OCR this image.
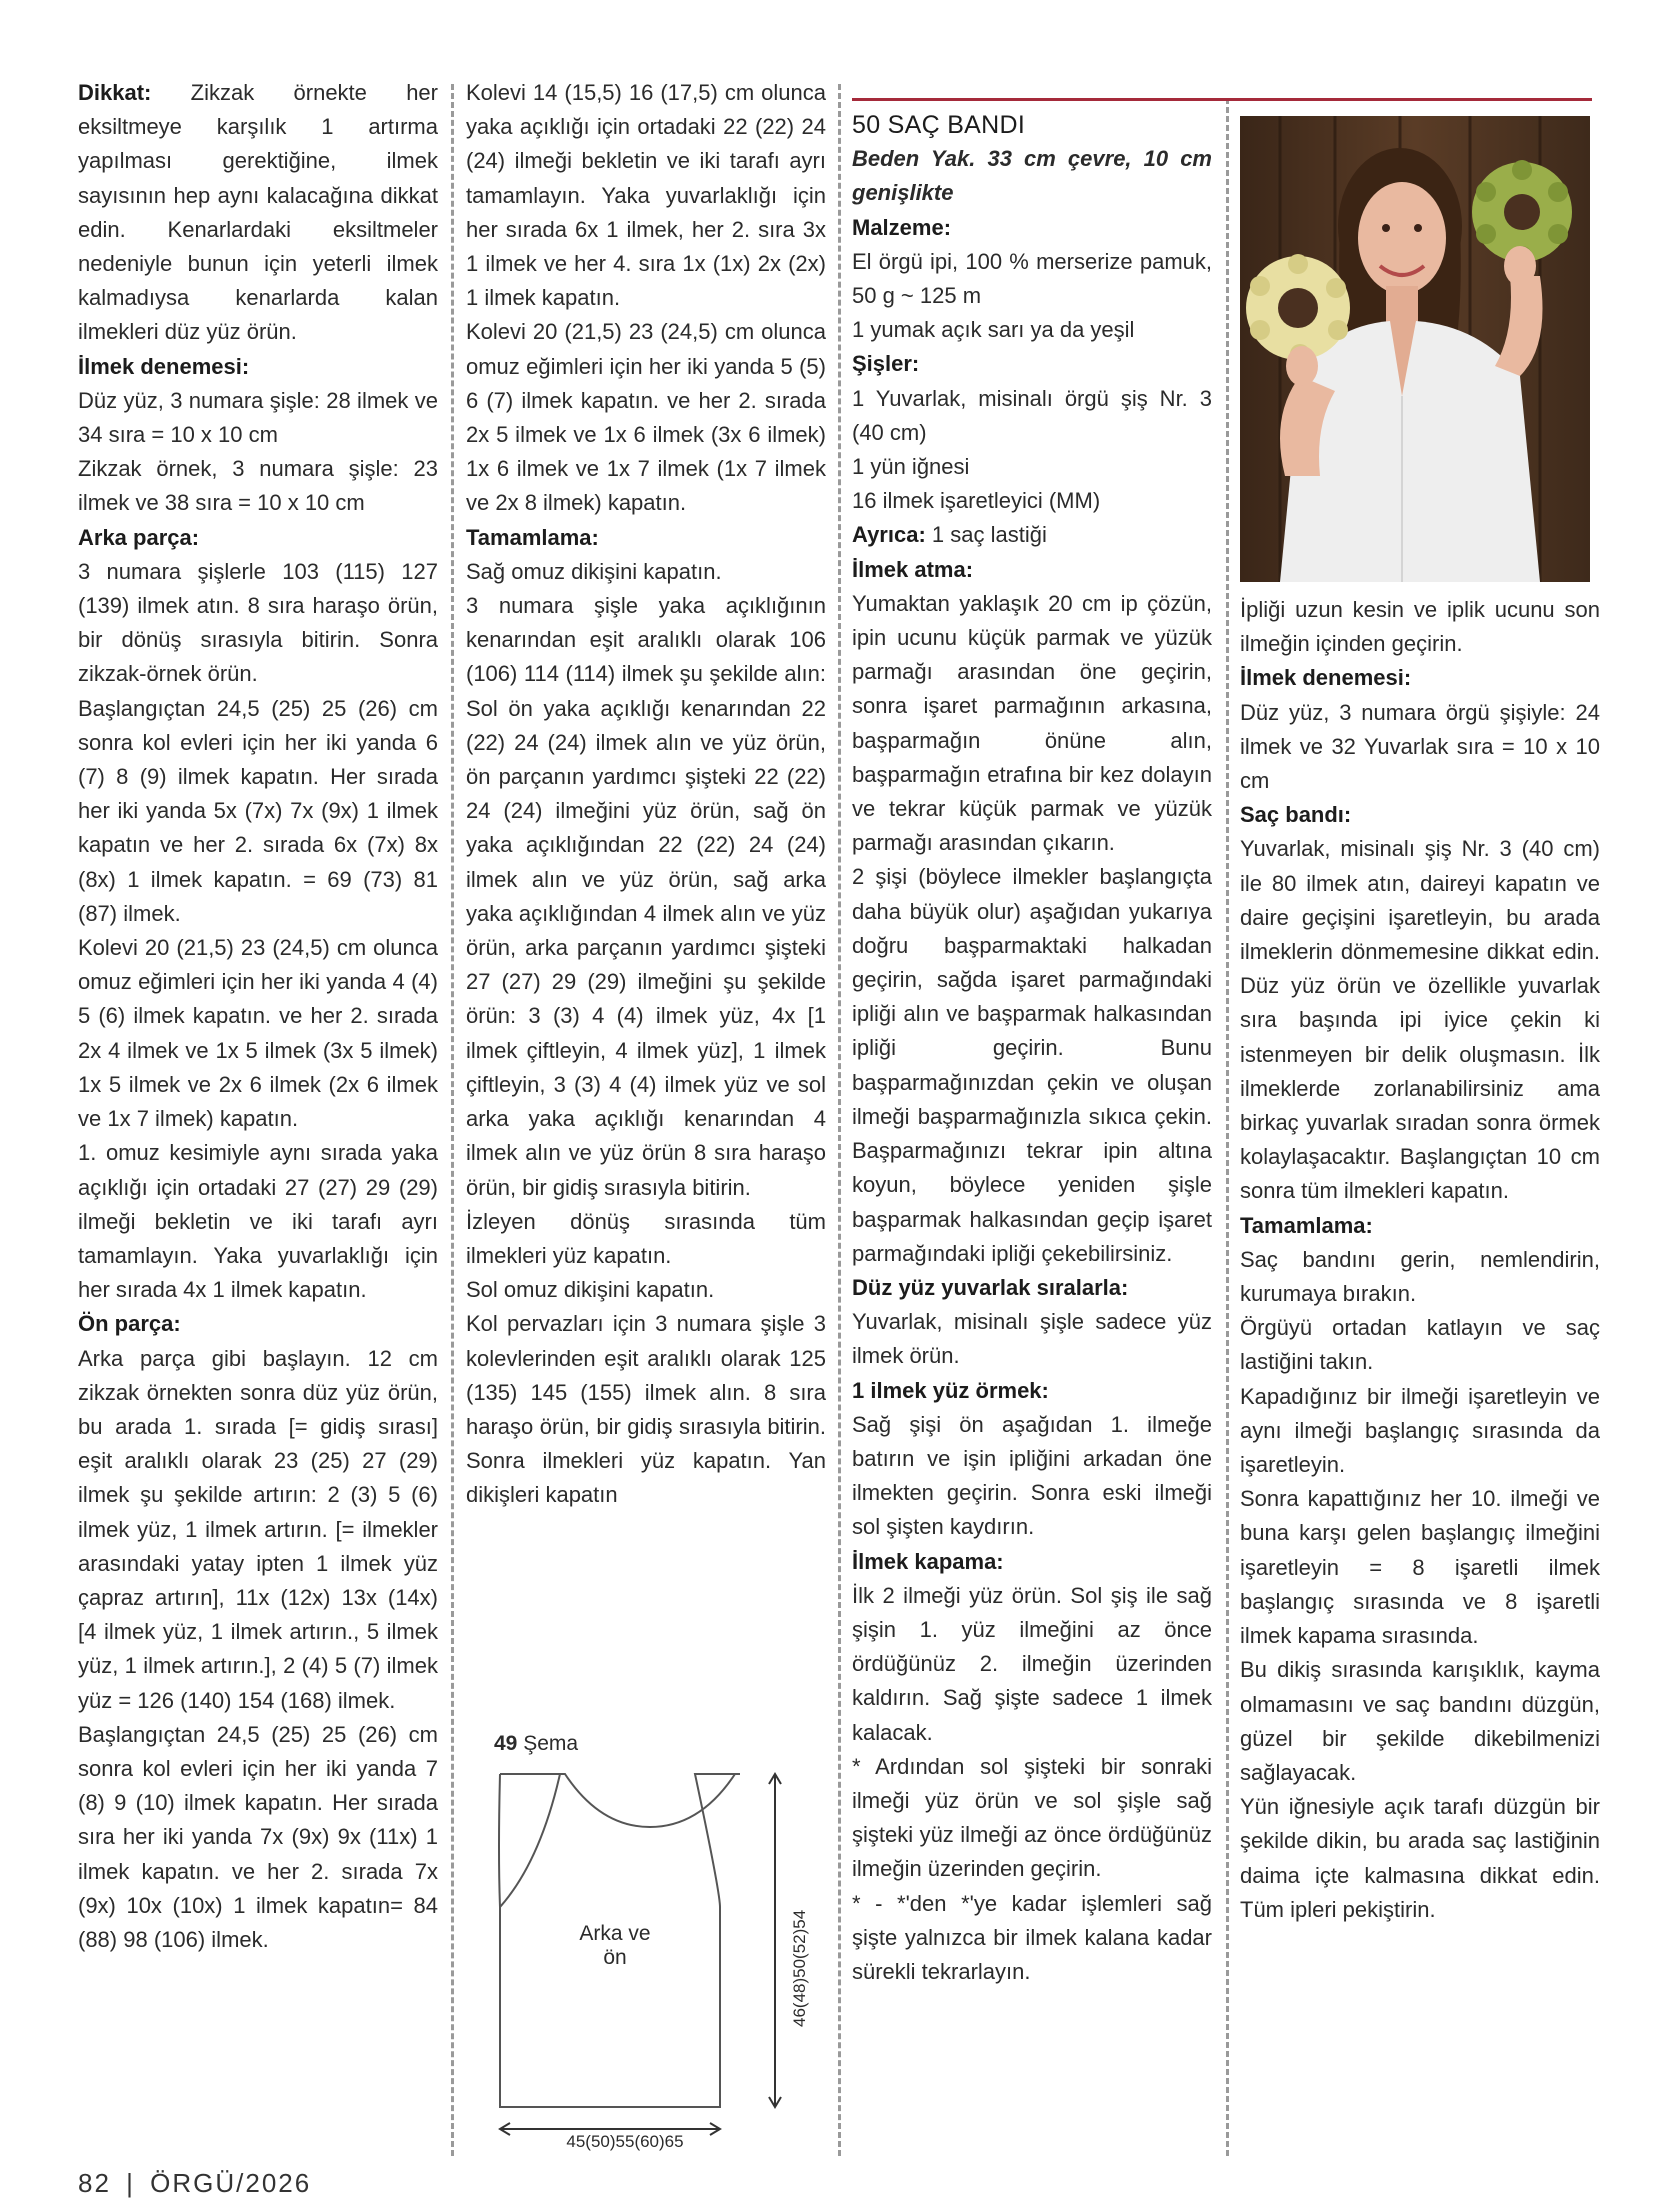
Dikkat: Zikzak örnekte her eksiltmeye karşılık 1 artırma yapılması gerektiğine, ilmek sayısının hep aynı kalacağına dikkat edin. Kenarlardaki eksiltmeler nedeniyle bunun için yeterli ilmek kalmadıysa kenarlarda kalan ilmekleri düz yüz örün.

İlmek denemesi:

Düz yüz, 3 numara şişle: 28 ilmek ve 34 sıra = 10 x 10 cm

Zikzak örnek, 3 numara şişle: 23 ilmek ve 38 sıra = 10 x 10 cm

Arka parça:

3 numara şişlerle 103 (115) 127 (139) ilmek atın. 8 sıra haraşo örün, bir dönüş sırasıyla bitirin. Sonra zikzak-örnek örün.

Başlangıçtan 24,5 (25) 25 (26) cm sonra kol evleri için her iki yanda 6 (7) 8 (9) ilmek kapatın. Her sırada her iki yanda 5x (7x) 7x (9x) 1 ilmek kapatın ve her 2. sırada 6x (7x) 8x (8x) 1 ilmek kapatın. = 69 (73) 81 (87) ilmek.

Kolevi 20 (21,5) 23 (24,5) cm olunca omuz eğimleri için her iki yanda 4 (4) 5 (6) ilmek kapatın. ve her 2. sırada 2x 4 ilmek ve 1x 5 ilmek (3x 5 ilmek) 1x 5 ilmek ve 2x 6 ilmek (2x 6 ilmek ve 1x 7 ilmek) kapatın.

1. omuz kesimiyle aynı sırada yaka açıklığı için ortadaki 27 (27) 29 (29) ilmeği bekletin ve iki tarafı ayrı tamamlayın. Yaka yuvarlaklığı için her sırada 4x 1 ilmek kapatın.

Ön parça:

Arka parça gibi başlayın. 12 cm zikzak örnekten sonra düz yüz örün, bu arada 1. sırada [= gidiş sırası] eşit aralıklı olarak 23 (25) 27 (29) ilmek şu şekilde artırın: 2 (3) 5 (6) ilmek yüz, 1 ilmek artırın. [= ilmekler arasındaki yatay ipten 1 ilmek yüz çapraz artırın], 11x (12x) 13x (14x) [4 ilmek yüz, 1 ilmek artırın., 5 ilmek yüz, 1 ilmek artırın.], 2 (4) 5 (7) ilmek yüz = 126 (140) 154 (168) ilmek.

Başlangıçtan 24,5 (25) 25 (26) cm sonra kol evleri için her iki yanda 7 (8) 9 (10) ilmek kapatın. Her sırada sıra her iki yanda 7x (9x) 9x (11x) 1 ilmek kapatın. ve her 2. sırada 7x (9x) 10x (10x) 1 ilmek kapatın= 84 (88) 98 (106) ilmek.

Kolevi 14 (15,5) 16 (17,5) cm olunca yaka açıklığı için ortadaki 22 (22) 24 (24) ilmeği bekletin ve iki tarafı ayrı tamamlayın. Yaka yuvarlaklığı için her sırada 6x 1 ilmek, her 2. sıra 3x 1 ilmek ve her 4. sıra 1x (1x) 2x (2x) 1 ilmek kapatın.

Kolevi 20 (21,5) 23 (24,5) cm olunca omuz eğimleri için her iki yanda 5 (5) 6 (7) ilmek kapatın. ve her 2. sırada 2x 5 ilmek ve 1x 6 ilmek (3x 6 ilmek) 1x 6 ilmek ve 1x 7 ilmek (1x 7 ilmek ve 2x 8 ilmek) kapatın.

Tamamlama:

Sağ omuz dikişini kapatın.

3 numara şişle yaka açıklığının kenarından eşit aralıklı olarak 106 (106) 114 (114) ilmek şu şekilde alın: Sol ön yaka açıklığı kenarından 22 (22) 24 (24) ilmek alın ve yüz örün, ön parçanın yardımcı şişteki 22 (22) 24 (24) ilmeğini yüz örün, sağ ön yaka açıklığından 22 (22) 24 (24) ilmek alın ve yüz örün, sağ arka yaka açıklığından 4 ilmek alın ve yüz örün, arka parçanın yardımcı şişteki 27 (27) 29 (29) ilmeğini şu şekilde örün: 3 (3) 4 (4) ilmek yüz, 4x [1 ilmek çiftleyin, 4 ilmek yüz], 1 ilmek çiftleyin, 3 (3) 4 (4) ilmek yüz ve sol arka yaka açıklığı kenarından 4 ilmek alın ve yüz örün 8 sıra haraşo örün, bir gidiş sırasıyla bitirin.

İzleyen dönüş sırasında tüm ilmekleri yüz kapatın.

Sol omuz dikişini kapatın.

Kol pervazları için 3 numara şişle 3 kolevlerinden eşit aralıklı olarak 125 (135) 145 (155) ilmek alın. 8 sıra haraşo örün, bir gidiş sırasıyla bitirin. Sonra ilmekleri yüz kapatın. Yan dikişleri kapatın

50 SAÇ BANDI

Beden Yak. 33 cm çevre, 10 cm genişlikte

Malzeme:

El örgü ipi, 100 % merserize pamuk, 50 g ~ 125 m

1 yumak açık sarı ya da yeşil

Şişler:

1 Yuvarlak, misinalı örgü şiş Nr. 3 (40 cm)

1 yün iğnesi

16 ilmek işaretleyici (MM)

Ayrıca: 1 saç lastiği

İlmek atma:

Yumaktan yaklaşık 20 cm ip çözün, ipin ucunu küçük parmak ve yüzük parmağı arasından öne geçirin, sonra işaret parmağının arkasına, başparmağın önüne alın, başparmağın etrafına bir kez dolayın ve tekrar küçük parmak ve yüzük parmağı arasından çıkarın.

2 şişi (böylece ilmekler başlangıçta daha büyük olur) aşağıdan yukarıya doğru başparmaktaki halkadan geçirin, sağda işaret parmağındaki ipliği alın ve başparmak halkasından ipliği geçirin. Bunu başparmağınızdan çekin ve oluşan ilmeği başparmağınızla sıkıca çekin. Başparmağınızı tekrar ipin altına koyun, böylece yeniden şişle başparmak halkasından geçip işaret parmağındaki ipliği çekebilirsiniz.

Düz yüz yuvarlak sıralarla:

Yuvarlak, misinalı şişle sadece yüz ilmek örün.

1 ilmek yüz örmek:

Sağ şişi ön aşağıdan 1. ilmeğe batırın ve işin ipliğini arkadan öne ilmekten geçirin. Sonra eski ilmeği sol şişten kaydırın.

İlmek kapama:

İlk 2 ilmeği yüz örün. Sol şiş ile sağ şişin 1. yüz ilmeğini az önce ördüğünüz 2. ilmeğin üzerinden kaldırın. Sağ şişte sadece 1 ilmek kalacak.

* Ardından sol şişteki bir sonraki ilmeği yüz örün ve sol şişle sağ şişteki yüz ilmeği az önce ördüğünüz ilmeğin üzerinden geçirin.

* - *'den *'ye kadar işlemleri sağ şişte yalnızca bir ilmek kalana kadar sürekli tekrarlayın.

İpliği uzun kesin ve iplik ucunu son ilmeğin içinden geçirin.

İlmek denemesi:

Düz yüz, 3 numara örgü şişiyle: 24 ilmek ve 32 Yuvarlak sıra = 10 x 10 cm

Saç bandı:

Yuvarlak, misinalı şiş Nr. 3 (40 cm) ile 80 ilmek atın, daireyi kapatın ve daire geçişini işaretleyin, bu arada ilmeklerin dönmemesine dikkat edin. Düz yüz örün ve özellikle yuvarlak sıra başında ipi iyice çekin ki istenmeyen bir delik oluşmasın. İlk ilmeklerde zorlanabilirsiniz ama birkaç yuvarlak sıradan sonra örmek kolaylaşacaktır. Başlangıçtan 10 cm sonra tüm ilmekleri kapatın.

Tamamlama:

Saç bandını gerin, nemlendirin, kurumaya bırakın.

Örgüyü ortadan katlayın ve saç lastiğini takın.

Kapadığınız bir ilmeği işaretleyin ve aynı ilmeği başlangıç sırasında da işaretleyin.

Sonra kapattığınız her 10. ilmeği ve buna karşı gelen başlangıç ilmeğini işaretleyin = 8 işaretli ilmek başlangıç sırasında ve 8 işaretli ilmek kapama sırasında.

Bu dikiş sırasında karışıklık, kayma olmamasını ve saç bandını düzgün, güzel bir şekilde dikebilmenizi sağlayacak.

Yün iğnesiyle açık tarafı düzgün bir şekilde dikin, bu arada saç lastiğinin daima içte kalmasına dikkat edin. Tüm ipleri pekiştirin.

49 Şema
Arka ve
ön	46(48)50(52)54
45(50)55(60)65
82 | ÖRGÜ/2026
